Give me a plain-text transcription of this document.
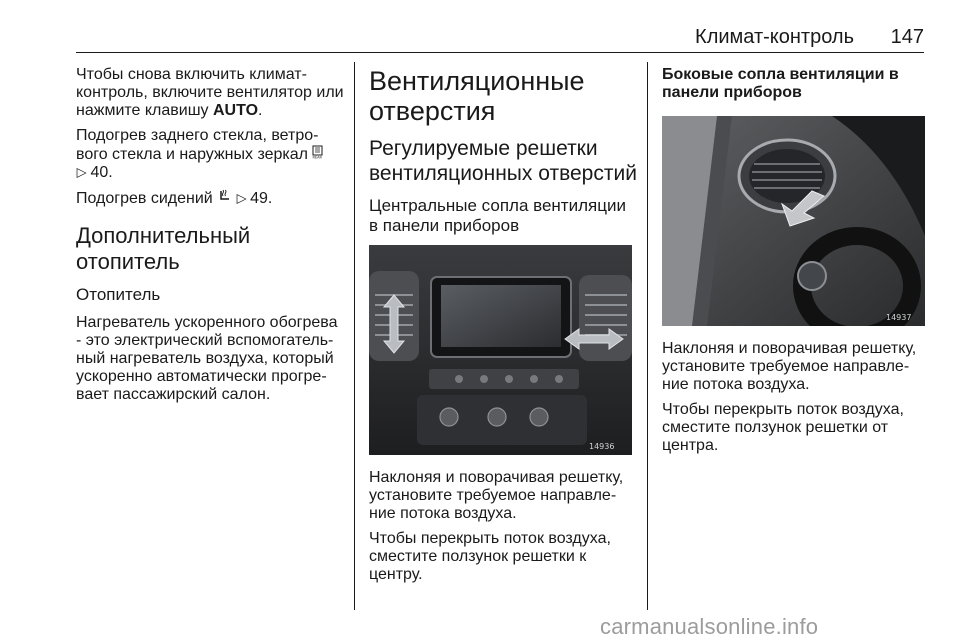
Климат-контроль 147

Чтобы снова включить климат-контроль, включите вентилятор или нажмите клавишу AUTO.

Подогрев заднего стекла, ветро-вого стекла и наружных зеркал REAR

▽ 40.

Подогрев сидений ▽ 49.

Дополнительный отопитель
Отопитель

Нагреватель ускоренного обогрева - это электрический вспомогатель-ный нагреватель воздуха, который ускоренно автоматически прогре-вает пассажирский салон.

Вентиляционные отверстия
Регулируемые решетки вентиляционных отверстий
Центральные сопла вентиляции в панели приборов
14936

Наклоняя и поворачивая решетку, установите требуемое направле-ние потока воздуха.

Чтобы перекрыть поток воздуха, сместите ползунок решетки к центру.

Боковые сопла вентиляции в панели приборов
14937

Наклоняя и поворачивая решетку, установите требуемое направле-ние потока воздуха.

Чтобы перекрыть поток воздуха, сместите ползунок решетки от центра.

carmanualsonline.info
